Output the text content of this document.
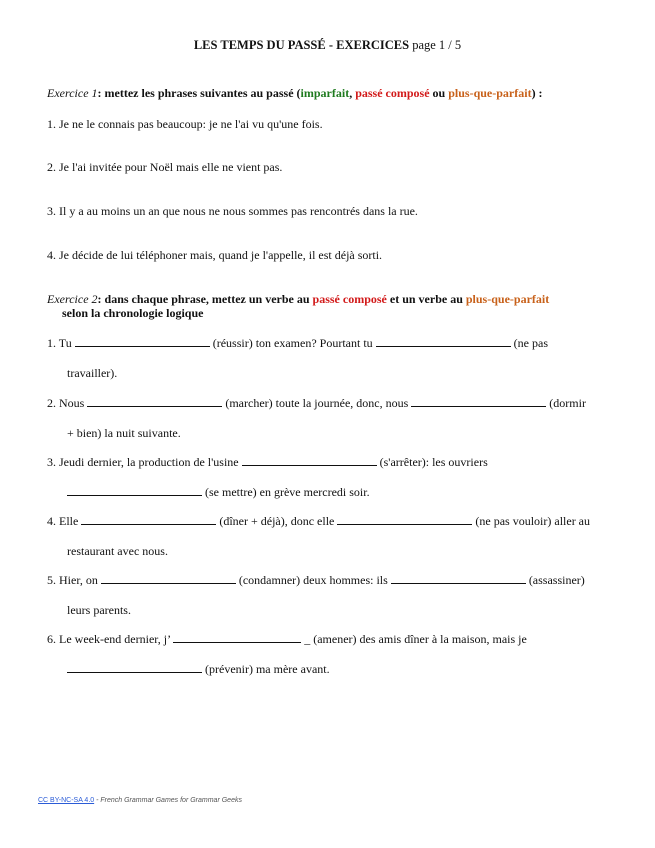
LES TEMPS DU PASSÉ - EXERCICES page 1 / 5
Exercice 1: mettez les phrases suivantes au passé (imparfait, passé composé ou plus-que-parfait) :
1. Je ne le connais pas beaucoup: je ne l'ai vu qu'une fois.
2. Je l'ai invitée pour Noël mais elle ne vient pas.
3. Il y a au moins un an que nous ne nous sommes pas rencontrés dans la rue.
4. Je décide de lui téléphoner mais, quand je l'appelle, il est déjà sorti.
Exercice 2: dans chaque phrase, mettez un verbe au passé composé et un verbe au plus-que-parfait
selon la chronologie logique
1. Tu	(réussir) ton examen? Pourtant tu	(ne pas
travailler).
2. Nous	(marcher) toute la journée, donc, nous	(dormir
+ bien) la nuit suivante.
3. Jeudi dernier, la production de l'usine	(s'arrêter): les ouvriers
(se mettre) en grève mercredi soir.
4. Elle	(dîner + déjà), donc elle	(ne pas vouloir) aller au
restaurant avec nous.
5. Hier, on	(condamner) deux hommes: ils	(assassiner)
leurs parents.
6. Le week-end dernier, j’	_ (amener) des amis dîner à la maison, mais je
(prévenir) ma mère avant.
CC BY-NC-SA 4.0 - French Grammar Games for Grammar Geeks
